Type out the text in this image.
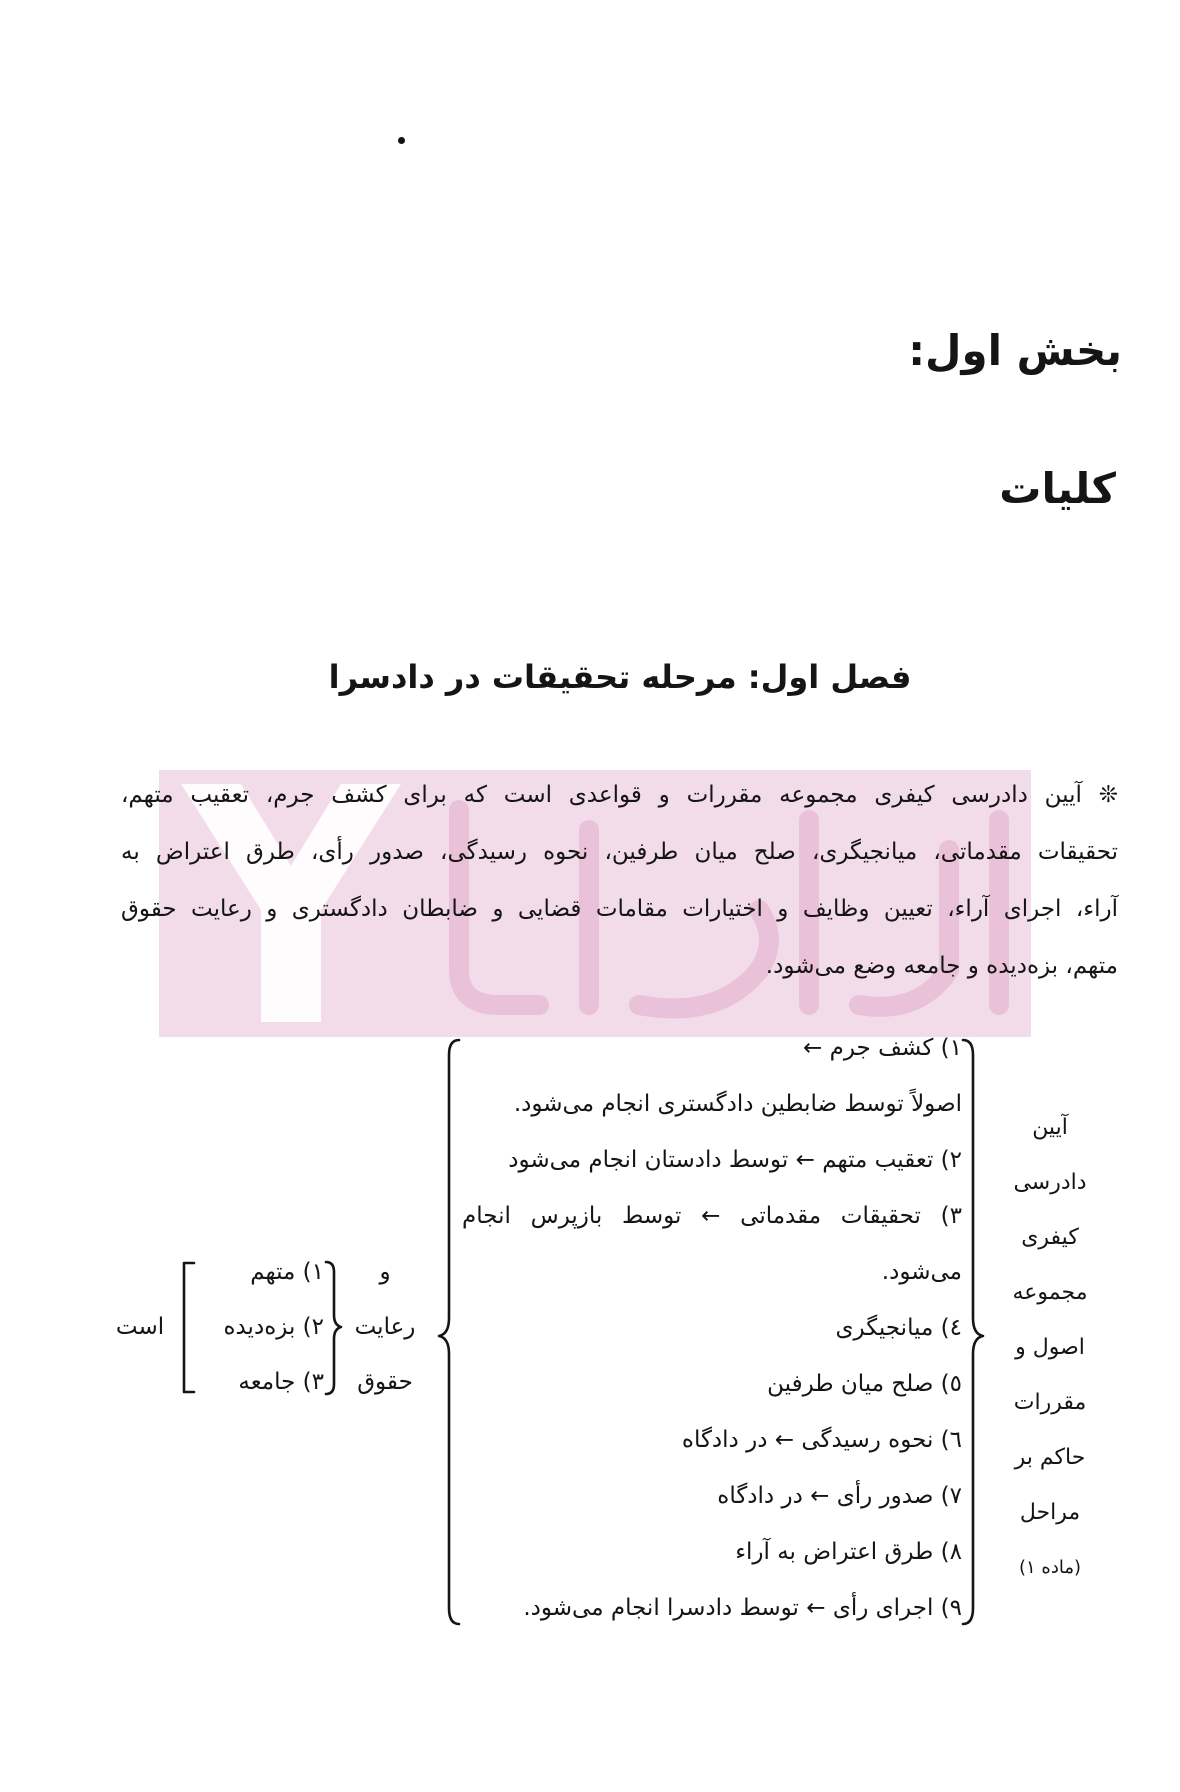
بخش اول:
کلیات
فصل اول: مرحله تحقیقات در دادسرا
❊ آیین دادرسی کیفری مجموعه مقررات و قواعدی است که برای کشف جرم، تعقیب متهم،
تحقیقات مقدماتی، میانجیگری، صلح میان طرفین، نحوه رسیدگی، صدور رأی، طرق اعتراض به
آراء، اجرای آراء، تعیین وظایف و اختیارات مقامات قضایی و ضابطان دادگستری و رعایت حقوق
متهم، بزه‌دیده و جامعه وضع می‌شود.
آیین
دادرسی
کیفری
مجموعه
اصول و
مقررات
حاکم بر
مراحل
(ماده ۱)
۱) کشف جرم ←
اصولاً توسط ضابطین دادگستری انجام می‌شود.
۲) تعقیب متهم ← توسط دادستان انجام می‌شود
۳) تحقیقات مقدماتی ← توسط بازپرس انجام
می‌شود.
٤) میانجیگری
٥) صلح میان طرفین
٦) نحوه رسیدگی ← در دادگاه
۷) صدور رأی ← در دادگاه
۸) طرق اعتراض به آراء
۹) اجرای رأی ← توسط دادسرا انجام می‌شود.
و
رعایت
حقوق
۱) متهم
۲) بزه‌دیده
۳) جامعه
است
